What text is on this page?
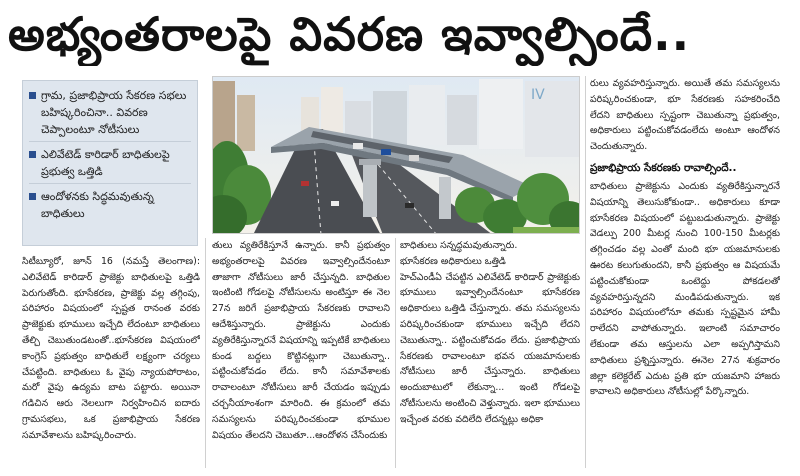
అభ్యంతరాలపై వివరణ ఇవ్వాల్సిందే..
గ్రామ, ప్రజాభిప్రాయ సేకరణ సభలు బహిష్కరించినా.. వివరణ చెప్పాలంటూ నోటీసులు
ఎలివేటెడ్ కారిడార్ బాధితులపై ప్రభుత్వ ఒత్తిడి
ఆందోళనకు సిద్ధమవుతున్న బాధితులు
IV

సిటీబ్యూరో, జూన్ 16 (నమస్తే తెలంగాణ): ఎలివేటెడ్ కారిడార్ ప్రాజెక్టు బాధితులపై ఒత్తిడి పెరుగుతోంది. భూసేకరణ, ప్రాజెక్టు వల్ల తగ్గింపు, పరిహారం విషయంలో స్పష్టత రానంత వరకు ప్రాజెక్టుకు భూములు ఇచ్చేది లేదంటూ బాధితులు తేల్చి చెబుతుండటంతో..భూసేకరణ విషయంలో కాంగ్రెస్ ప్రభుత్వం బాధితులే లక్ష్యంగా చర్యలు చేపట్టింది. బాధితులు ఓ వైపు న్యాయపోరాటం, మరో వైపు ఉద్యమ బాట పట్టారు. అయినా గడిచిన ఆరు నెలలుగా నిర్వహించిన ఐదారు గ్రామసభలు, ఒక ప్రజాభిప్రాయ సేకరణ సమావేశాలను బహిష్కరించారు.

తులు వ్యతిరేకిస్తూనే ఉన్నారు. కానీ ప్రభుత్వం అభ్యంతరాలపై వివరణ ఇవ్వాల్సిందేనంటూ తాజాగా నోటీసులు జారీ చేస్తున్నది. బాధితుల ఇంటింటి గోడలపై నోటీసులను అంటిస్తూ ఈ నెల 27న జరిగే ప్రజాభిప్రాయ సేకరణకు రావాలని ఆదేశిస్తున్నారు. ప్రాజెక్టును ఎందుకు వ్యతిరేకిస్తున్నారనే విషయాన్ని ఇప్పటికే బాధితులు కుండ బద్దలు కొట్టినట్లుగా చెబుతున్నా.. పట్టించుకోవడం లేదు. కానీ సమావేశాలకు రావాలంటూ నోటీసులు జారీ చేయడం ఇప్పుడు చర్చనీయాంశంగా మారింది. ఈ క్రమంలో తమ సమస్యలను పరిష్కరించకుండా భూముల విషయం తేలదని చెబుతూ...ఆందోళన చేసేందుకు

బాధితులు సన్నద్ధమవుతున్నారు.
భూసేకరణ అధికారులు ఒత్తిడి
హెచ్ఎండీఏ చేపట్టిన ఎలివేటెడ్ కారిడార్ ప్రాజెక్టుకు భూములు ఇవ్వాల్సిందేనంటూ భూసేకరణ అధికారులు ఒత్తిడి చేస్తున్నారు. తమ సమస్యలను పరిష్కరించకుండా భూములు ఇచ్చేది లేదని చెబుతున్నా.. పట్టించుకోవడం లేదు. ప్రజాభిప్రాయ సేకరణకు రావాలంటూ భవన యజమానులకు నోటీసులు జారీ చేస్తున్నారు. బాధితులు అందుబాటులో లేకున్నా... ఇంటి గోడలపై నోటీసులను అంటించి వెళ్తున్నారు. ఇలా భూములు ఇచ్చేంత వరకు వదిలేది లేదన్నట్లు అధికా

రులు వ్యవహరిస్తున్నారు. అయితే తమ సమస్యలను పరిష్కరించకుండా, భూ సేకరణకు సహకరించేది లేదని బాధితులు స్పష్టంగా చెబుతున్నా ప్రభుత్వం, అధికారులు పట్టించుకోవడంలేదు అంటూ ఆందోళన చెందుతున్నారు.

ప్రజాభిప్రాయ సేకరణకు రావాల్సిందే..

బాధితులు ప్రాజెక్టును ఎందుకు వ్యతిరేకిస్తున్నారనే విషయాన్ని తెలుసుకోకుండా.. అధికారులు కూడా భూసేకరణ విషయంలో పట్టుబడుతున్నారు. ప్రాజెక్టు వెడల్పు 200 మీటర్ల నుంచి 100-150 మీటర్లకు తగ్గించడం వల్ల ఎంతో మంది భూ యజమానులకు ఊరట కలుగుతుందని, కానీ ప్రభుత్వం ఆ విషయమే పట్టించుకోకుండా ఒంటెద్దు పోకడలతో వ్యవహరిస్తున్నదని మండిపడుతున్నారు. ఇక పరిహారం విషయంలోనూ తమకు స్పష్టమైన హామీ రాలేదని వాపోతున్నారు. ఇలాంటి సమాచారం లేకుండా తమ ఆస్తులను ఎలా అప్పగిస్తామని బాధితులు ప్రశ్నిస్తున్నారు. ఈనెల 27న శుక్రవారం జిల్లా కలెక్టరేట్ ఎదుట ప్రతి భూ యజమాని హాజరు కావాలని అధికారులు నోటీసుల్లో పేర్కొన్నారు.
